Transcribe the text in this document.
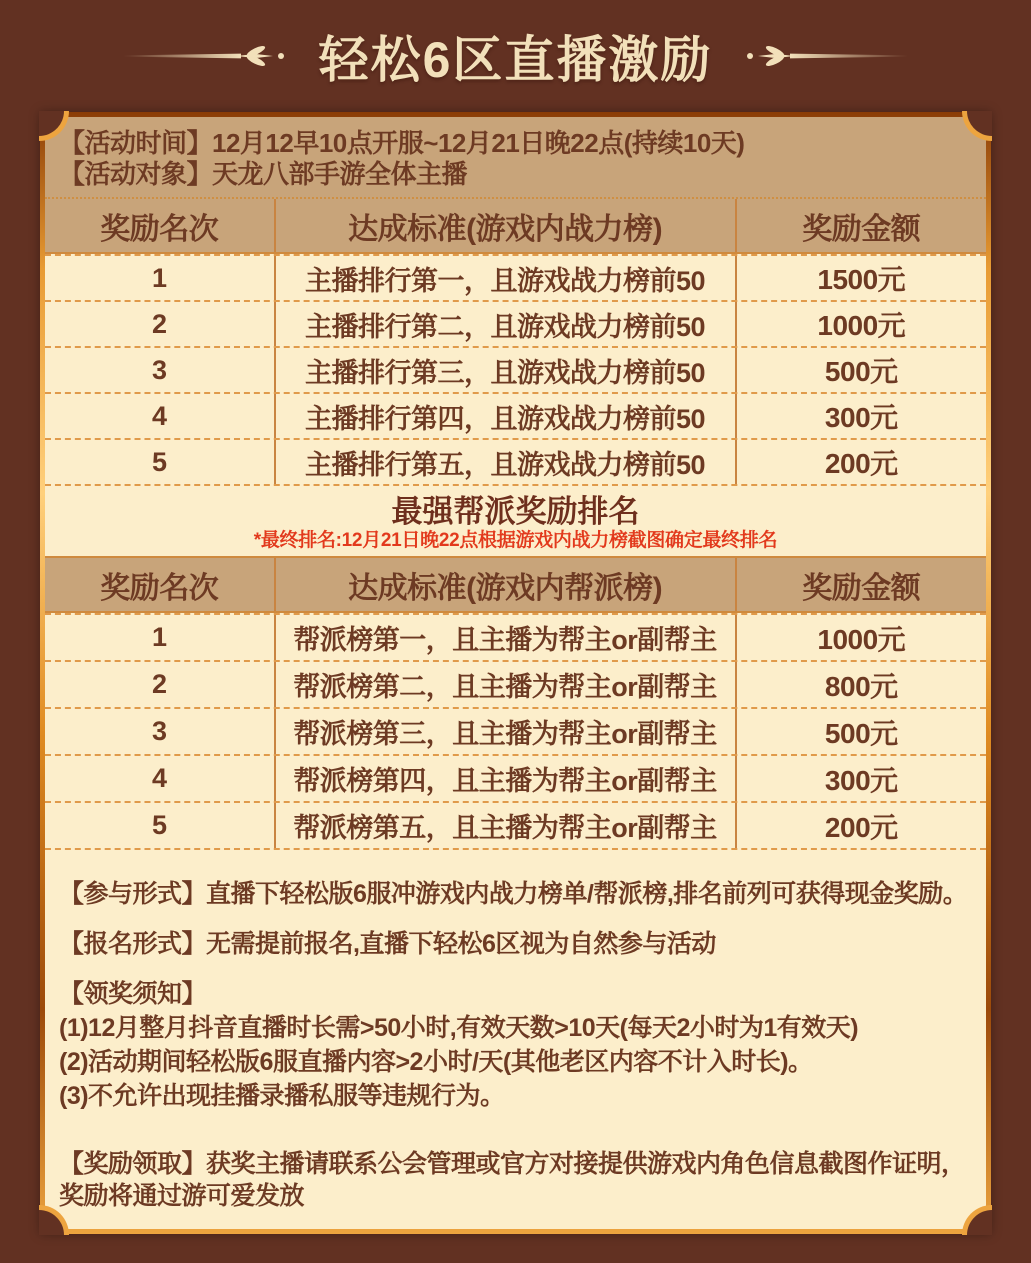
轻松6区直播激励
【活动时间】12月12早10点开服~12月21日晚22点(持续10天)
【活动对象】天龙八部手游全体主播
奖励名次	达成标准(游戏内战力榜)	奖励金额
1	主播排行第一，且游戏战力榜前50	1500元
2	主播排行第二，且游戏战力榜前50	1000元
3	主播排行第三，且游戏战力榜前50	500元
4	主播排行第四，且游戏战力榜前50	300元
5	主播排行第五，且游戏战力榜前50	200元
最强帮派奖励排名
*最终排名:12月21日晚22点根据游戏内战力榜截图确定最终排名
奖励名次	达成标准(游戏内帮派榜)	奖励金额
1	帮派榜第一，且主播为帮主or副帮主	1000元
2	帮派榜第二，且主播为帮主or副帮主	800元
3	帮派榜第三，且主播为帮主or副帮主	500元
4	帮派榜第四，且主播为帮主or副帮主	300元
5	帮派榜第五，且主播为帮主or副帮主	200元

【参与形式】直播下轻松版6服冲游戏内战力榜单/帮派榜,排名前列可获得现金奖励。

【报名形式】无需提前报名,直播下轻松6区视为自然参与活动

【领奖须知】

(1)12月整月抖音直播时长需>50小时,有效天数>10天(每天2小时为1有效天)

(2)活动期间轻松版6服直播内容>2小时/天(其他老区内容不计入时长)。

(3)不允许出现挂播录播私服等违规行为。

【奖励领取】获奖主播请联系公会管理或官方对接提供游戏内角色信息截图作证明，
奖励将通过游可爱发放
